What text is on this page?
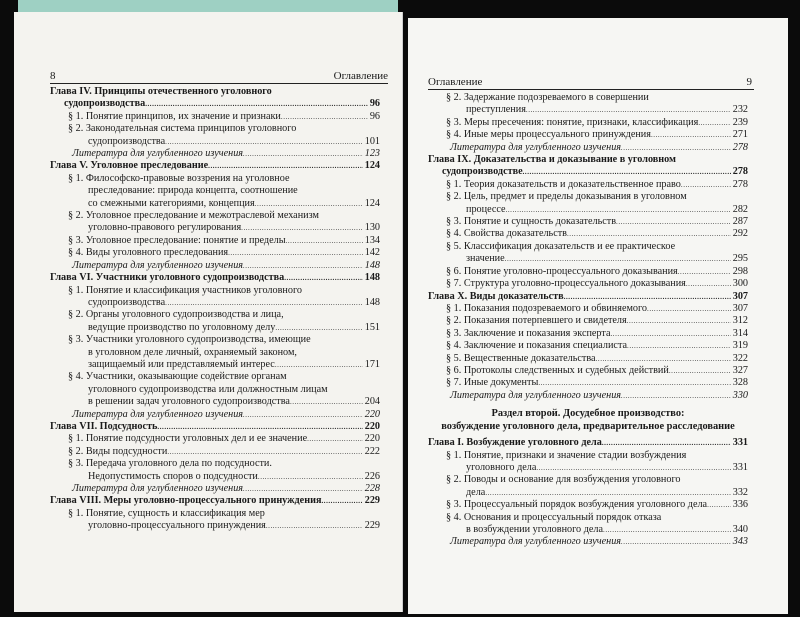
8	Оглавление
Глава IV. Принципы отечественного уголовного
судопроизводства . . .	96
§ 1. Понятие принципов, их значение и признаки . . .	96
§ 2. Законодательная система принципов уголовного
судопроизводства . . .	101
Литература для углубленного изучения . . .	123
Глава V. Уголовное преследование . . .	124
§ 1. Философско-правовые воззрения на уголовное
преследование: природа концепта, соотношение
со смежными категориями, концепция . . .	124
§ 2. Уголовное преследование и межотраслевой механизм
уголовно-правового регулирования . . .	130
§ 3. Уголовное преследование: понятие и пределы . . .	134
§ 4. Виды уголовного преследования . . .	142
Литература для углубленного изучения . . .	148
Глава VI. Участники уголовного судопроизводства . . .	148
§ 1. Понятие и классификация участников уголовного
судопроизводства . . .	148
§ 2. Органы уголовного судопроизводства и лица,
ведущие производство по уголовному делу . . .	151
§ 3. Участники уголовного судопроизводства, имеющие
в уголовном деле личный, охраняемый законом,
защищаемый или представляемый интерес . . .	171
§ 4. Участники, оказывающие содействие органам
уголовного судопроизводства или должностным лицам
в решении задач уголовного судопроизводства . . .	204
Литература для углубленного изучения . . .	220
Глава VII. Подсудность . . .	220
§ 1. Понятие подсудности уголовных дел и ее значение . . .	220
§ 2. Виды подсудности . . .	222
§ 3. Передача уголовного дела по подсудности.
Недопустимость споров о подсудности . . .	226
Литература для углубленного изучения . . .	228
Глава VIII. Меры уголовно-процессуального принуждения . . .	229
§ 1. Понятие, сущность и классификация мер
уголовно-процессуального принуждения . . .	229
Оглавление	9
§ 2. Задержание подозреваемого в совершении
преступления . . .	232
§ 3. Меры пресечения: понятие, признаки, классификация . . .	239
§ 4. Иные меры процессуального принуждения . . .	271
Литература для углубленного изучения . . .	278
Глава IX. Доказательства и доказывание в уголовном
судопроизводстве . . .	278
§ 1. Теория доказательств и доказательственное право . . .	278
§ 2. Цель, предмет и пределы доказывания в уголовном
процессе . . .	282
§ 3. Понятие и сущность доказательств . . .	287
§ 4. Свойства доказательств . . .	292
§ 5. Классификация доказательств и ее практическое
значение . . .	295
§ 6. Понятие уголовно-процессуального доказывания . . .	298
§ 7. Структура уголовно-процессуального доказывания . . .	300
Глава X. Виды доказательств . . .	307
§ 1. Показания подозреваемого и обвиняемого . . .	307
§ 2. Показания потерпевшего и свидетеля . . .	312
§ 3. Заключение и показания эксперта . . .	314
§ 4. Заключение и показания специалиста . . .	319
§ 5. Вещественные доказательства . . .	322
§ 6. Протоколы следственных и судебных действий . . .	327
§ 7. Иные документы . . .	328
Литература для углубленного изучения . . .	330
Раздел второй. Досудебное производство:
возбуждение уголовного дела, предварительное расследование
Глава I. Возбуждение уголовного дела . . .	331
§ 1. Понятие, признаки и значение стадии возбуждения
уголовного дела . . .	331
§ 2. Поводы и основание для возбуждения уголовного
дела . . .	332
§ 3. Процессуальный порядок возбуждения уголовного дела . . .	336
§ 4. Основания и процессуальный порядок отказа
в возбуждении уголовного дела . . .	340
Литература для углубленного изучения . . .	343
